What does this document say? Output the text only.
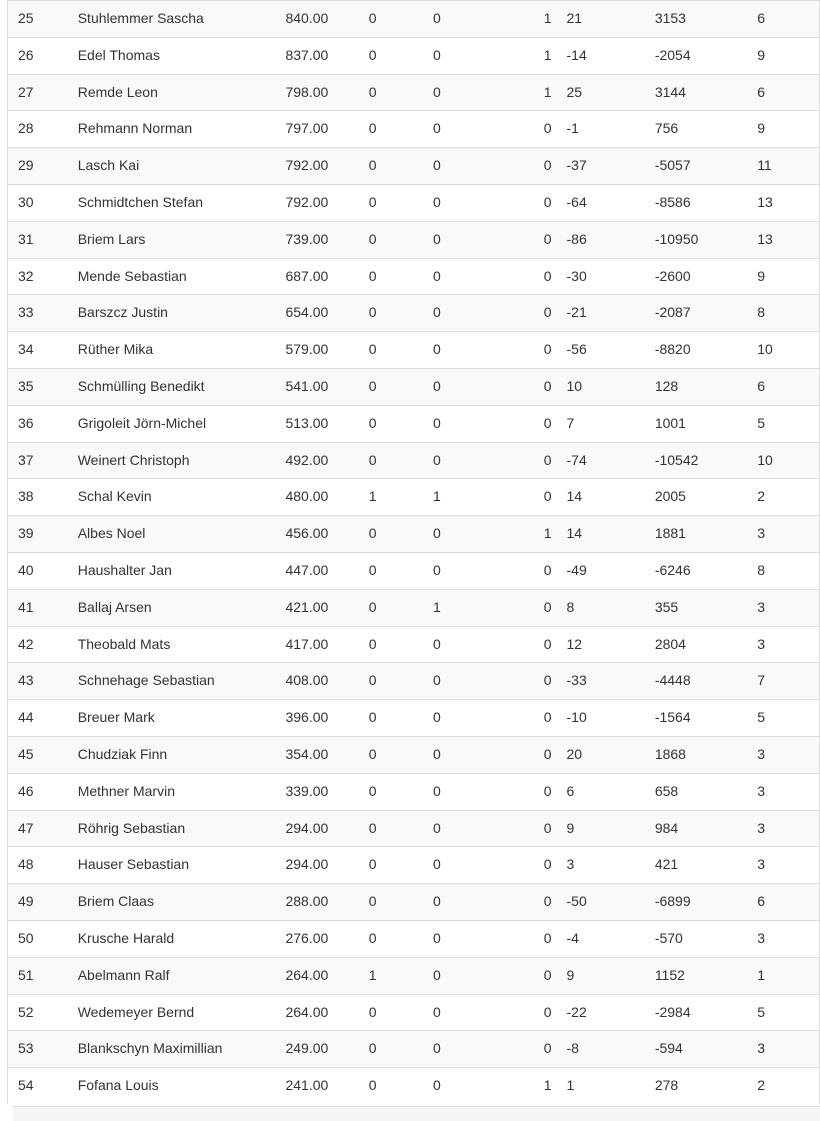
25	Stuhlemmer Sascha	840.00	0	0	1	21	3153	6
26	Edel Thomas	837.00	0	0	1	-14	-2054	9
27	Remde Leon	798.00	0	0	1	25	3144	6
28	Rehmann Norman	797.00	0	0	0	-1	756	9
29	Lasch Kai	792.00	0	0	0	-37	-5057	11
30	Schmidtchen Stefan	792.00	0	0	0	-64	-8586	13
31	Briem Lars	739.00	0	0	0	-86	-10950	13
32	Mende Sebastian	687.00	0	0	0	-30	-2600	9
33	Barszcz Justin	654.00	0	0	0	-21	-2087	8
34	Rüther Mika	579.00	0	0	0	-56	-8820	10
35	Schmülling Benedikt	541.00	0	0	0	10	128	6
36	Grigoleit Jörn-Michel	513.00	0	0	0	7	1001	5
37	Weinert Christoph	492.00	0	0	0	-74	-10542	10
38	Schal Kevin	480.00	1	1	0	14	2005	2
39	Albes Noel	456.00	0	0	1	14	1881	3
40	Haushalter Jan	447.00	0	0	0	-49	-6246	8
41	Ballaj Arsen	421.00	0	1	0	8	355	3
42	Theobald Mats	417.00	0	0	0	12	2804	3
43	Schnehage Sebastian	408.00	0	0	0	-33	-4448	7
44	Breuer Mark	396.00	0	0	0	-10	-1564	5
45	Chudziak Finn	354.00	0	0	0	20	1868	3
46	Methner Marvin	339.00	0	0	0	6	658	3
47	Röhrig Sebastian	294.00	0	0	0	9	984	3
48	Hauser Sebastian	294.00	0	0	0	3	421	3
49	Briem Claas	288.00	0	0	0	-50	-6899	6
50	Krusche Harald	276.00	0	0	0	-4	-570	3
51	Abelmann Ralf	264.00	1	0	0	9	1152	1
52	Wedemeyer Bernd	264.00	0	0	0	-22	-2984	5
53	Blankschyn Maximillian	249.00	0	0	0	-8	-594	3
54	Fofana Louis	241.00	0	0	1	1	278	2
